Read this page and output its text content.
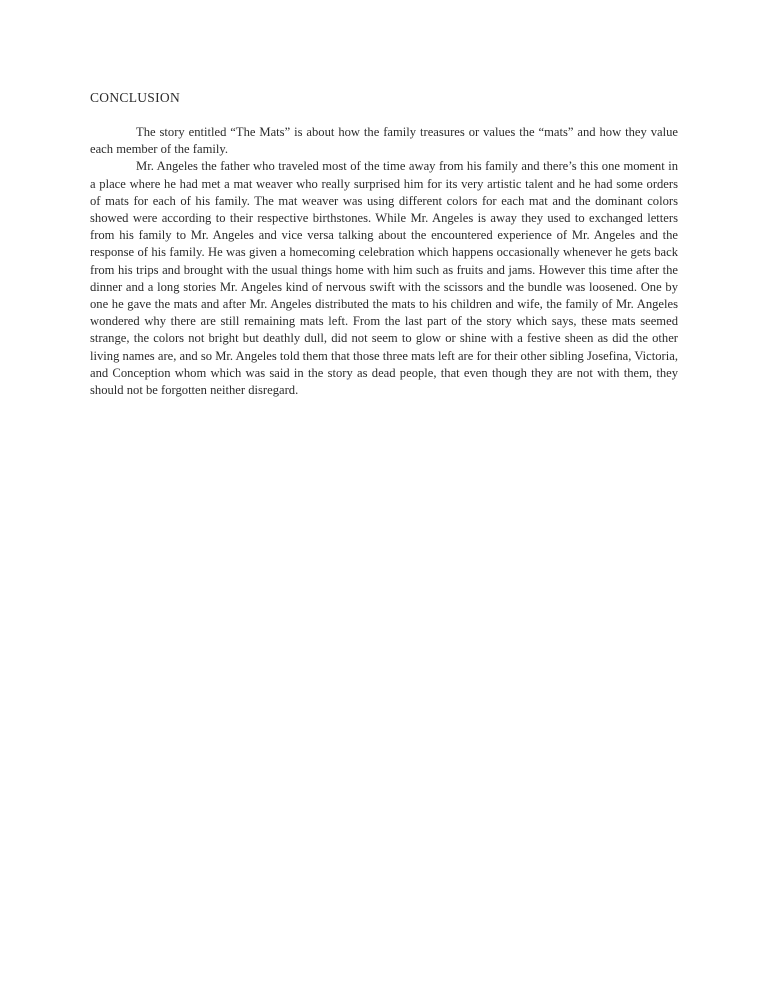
CONCLUSION

The story entitled “The Mats” is about how the family treasures or values the “mats” and how they value each member of the family.

Mr. Angeles the father who traveled most of the time away from his family and there’s this one moment in a place where he had met a mat weaver who really surprised him for its very artistic talent and he had some orders of mats for each of his family. The mat weaver was using different colors for each mat and the dominant colors showed were according to their respective birthstones. While Mr. Angeles is away they used to exchanged letters from his family to Mr. Angeles and vice versa talking about the encountered experience of Mr. Angeles and the response of his family. He was given a homecoming celebration which happens occasionally whenever he gets back from his trips and brought with the usual things home with him such as fruits and jams. However this time after the dinner and a long stories Mr. Angeles kind of nervous swift with the scissors and the bundle was loosened. One by one he gave the mats and after Mr. Angeles distributed the mats to his children and wife, the family of Mr. Angeles wondered why there are still remaining mats left. From the last part of the story which says, these mats seemed strange, the colors not bright but deathly dull, did not seem to glow or shine with a festive sheen as did the other living names are, and so Mr. Angeles told them that those three mats left are for their other sibling Josefina, Victoria, and Conception whom which was said in the story as dead people, that even though they are not with them, they should not be forgotten neither disregard.
